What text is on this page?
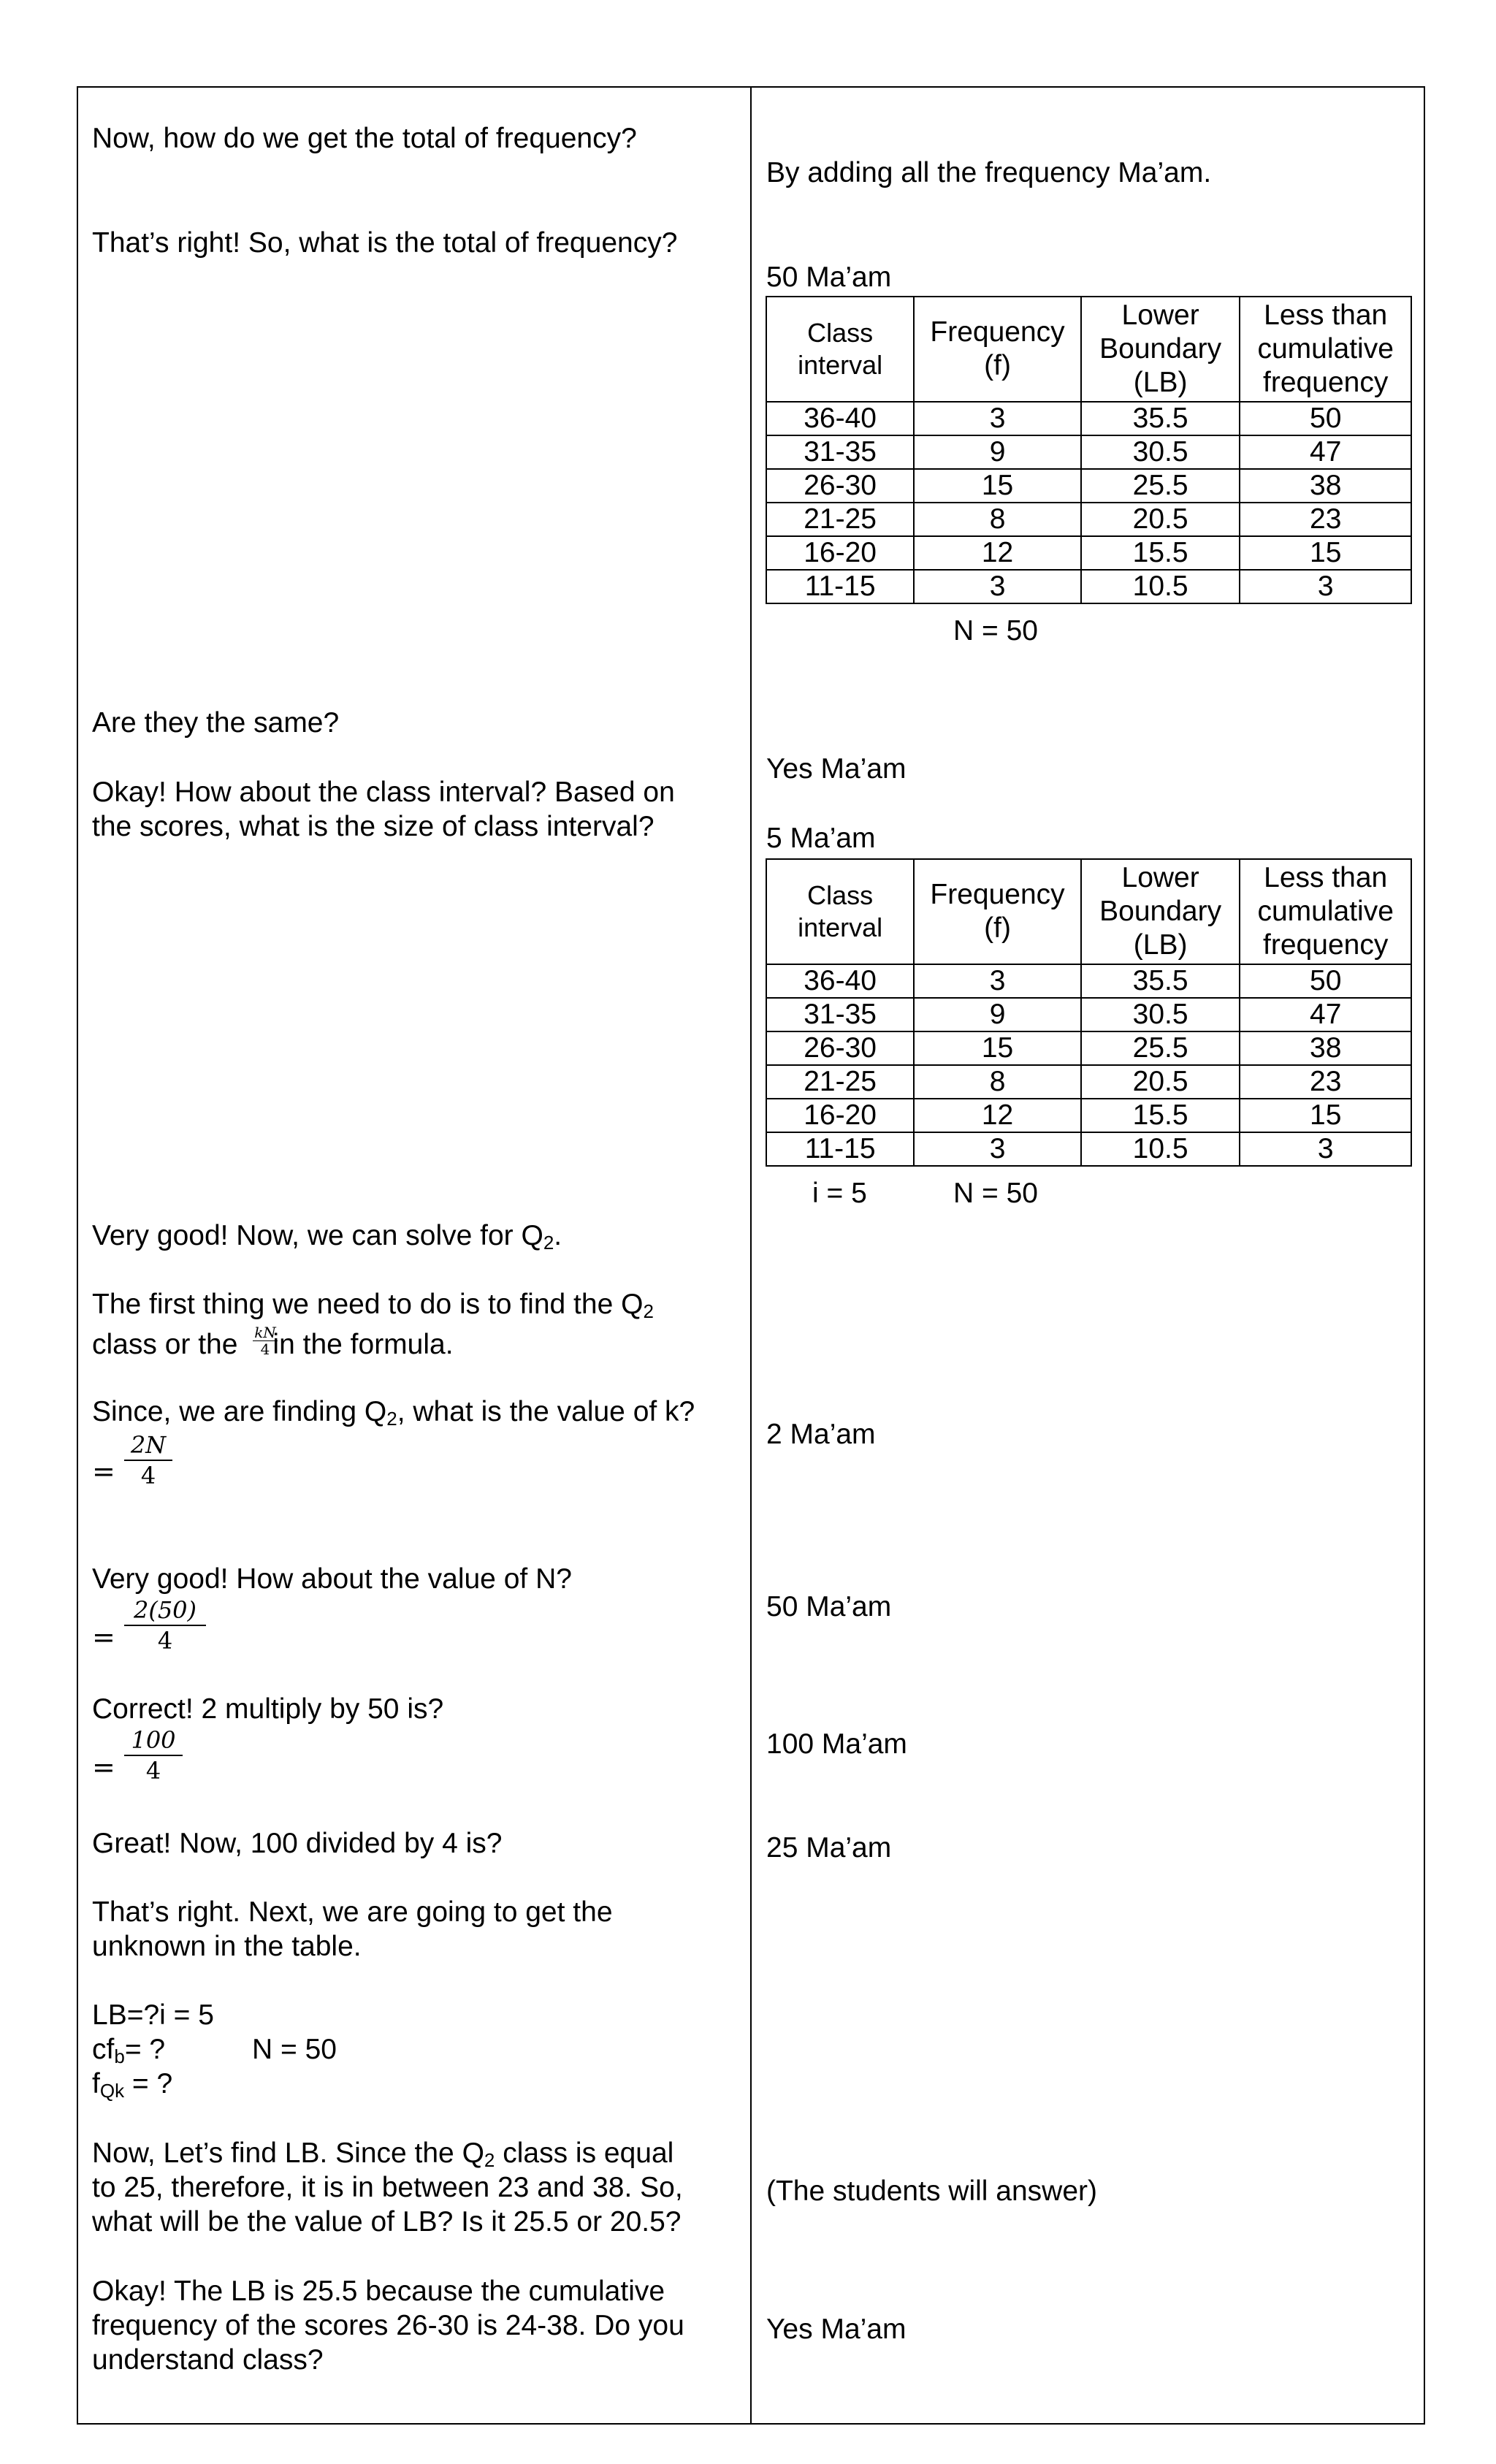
Now, how do we get the total of frequency?
That’s right! So, what is the total of frequency?
Are they the same?
Okay! How about the class interval? Based on
the scores, what is the size of class interval?
Very good! Now, we can solve for $Q_2$.
The first thing we need to do is to find the $Q_2$
class or the in the formula.
kN
4
Since, we are finding $Q_2$, what is the value of k?
=
2N
4
Very good! How about the value of N?
=
2(50)
4
Correct! 2 multiply by 50 is?
=
100
4
Great! Now, 100 divided by 4 is?
That’s right. Next, we are going to get the
unknown in the table.
LB=?i = 5
$cf_b=$ ?	N = 50
$f_{Qk}$ = ?
Now, Let’s find LB. Since the $Q_2$ class is equal
to 25, therefore, it is in between 23 and 38. So,
what will be the value of LB? Is it 25.5 or 20.5?
Okay! The LB is 25.5 because the cumulative
frequency of the scores 26-30 is 24-38. Do you
understand class?
By adding all the frequency Ma’am.
50 Ma’am
Class
interval	Frequency
(f)	Lower
Boundary
(LB)	Less than
cumulative
frequency
36-40	3	35.5	50
31-35	9	30.5	47
26-30	15	25.5	38
21-25	8	20.5	23
16-20	12	15.5	15
11-15	3	10.5	3
N = 50
Yes Ma’am
5 Ma’am
Class
interval	Frequency
(f)	Lower
Boundary
(LB)	Less than
cumulative
frequency
36-40	3	35.5	50
31-35	9	30.5	47
26-30	15	25.5	38
21-25	8	20.5	23
16-20	12	15.5	15
11-15	3	10.5	3
i = 5	N = 50
2 Ma’am
50 Ma’am
100 Ma’am
25 Ma’am
(The students will answer)
Yes Ma’am
